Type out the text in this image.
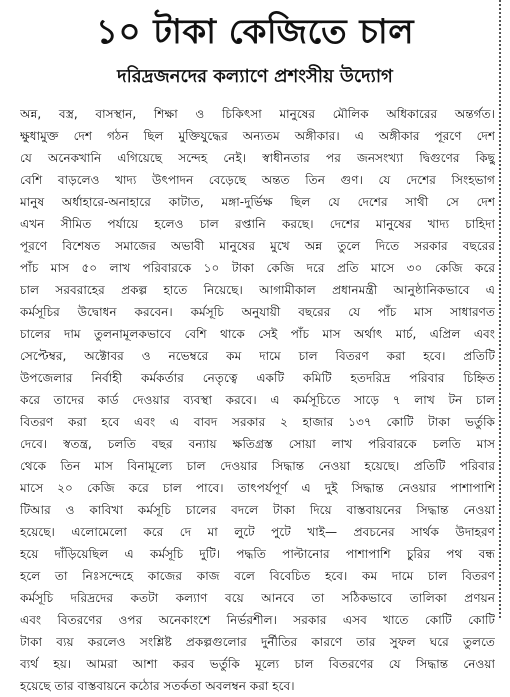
১০ টাকা কেজিতে চাল
দরিদ্রজনদের কল্যাণে প্রশংসীয় উদ্যোগ
অন্ন, বস্ত্র, বাসস্থান, শিক্ষা ও চিকিৎসা মানুষের মৌলিক অধিকারের অন্তর্গত।
ক্ষুধামুক্ত দেশ গঠন ছিল মুক্তিযুদ্ধের অন্যতম অঙ্গীকার। এ অঙ্গীকার পূরণে দেশ
যে অনেকখানি এগিয়েছে সন্দেহ নেই। স্বাধীনতার পর জনসংখ্যা দ্বিগুণের কিছু
বেশি বাড়লেও খাদ্য উৎপাদন বেড়েছে অন্তত তিন গুণ। যে দেশের সিংহভাগ
মানুষ অর্ধাহারে-অনাহারে কাটাত, মঙ্গা-দুর্ভিক্ষ ছিল যে দেশের সাথী সে দেশ
এখন সীমিত পর্যায়ে হলেও চাল রপ্তানি করছে। দেশের মানুষের খাদ্য চাহিদা
পূরণে বিশেষত সমাজের অভাবী মানুষের মুখে অন্ন তুলে দিতে সরকার বছরের
পাঁচ মাস ৫০ লাখ পরিবারকে ১০ টাকা কেজি দরে প্রতি মাসে ৩০ কেজি করে
চাল সরবরাহের প্রকল্প হাতে নিয়েছে। আগামীকাল প্রধানমন্ত্রী আনুষ্ঠানিকভাবে এ
কর্মসূচির উদ্বোধন করবেন। কর্মসূচি অনুযায়ী বছরের যে পাঁচ মাস সাধারণত
চালের দাম তুলনামূলকভাবে বেশি থাকে সেই পাঁচ মাস অর্থাৎ মার্চ, এপ্রিল এবং
সেপ্টেম্বর, অক্টোবর ও নভেম্বরে কম দামে চাল বিতরণ করা হবে। প্রতিটি
উপজেলার নির্বাহী কর্মকর্তার নেতৃত্বে একটি কমিটি হতদরিদ্র পরিবার চিহ্নিত
করে তাদের কার্ড দেওয়ার ব্যবস্থা করবে। এ কর্মসূচিতে সাড়ে ৭ লাখ টন চাল
বিতরণ করা হবে এবং এ বাবদ সরকার ২ হাজার ১৩৭ কোটি টাকা ভর্তুকি
দেবে। স্বতন্ত্র, চলতি বছর বন্যায় ক্ষতিগ্রস্ত সোয়া লাখ পরিবারকে চলতি মাস
থেকে তিন মাস বিনামূল্যে চাল দেওয়ার সিদ্ধান্ত নেওয়া হয়েছে। প্রতিটি পরিবার
মাসে ২০ কেজি করে চাল পাবে। তাৎপর্যপূর্ণ এ দুই সিদ্ধান্ত নেওয়ার পাশাপাশি
টিআর ও কাবিখা কর্মসূচি চালের বদলে টাকা দিয়ে বাস্তবায়নের সিদ্ধান্ত নেওয়া
হয়েছে। এলোমেলো করে দে মা লুটে পুটে খাই— প্রবচনের সার্থক উদাহরণ
হয়ে দাঁড়িয়েছিল এ কর্মসূচি দুটি। পদ্ধতি পাল্টানোর পাশাপাশি চুরির পথ বন্ধ
হলে তা নিঃসন্দেহে কাজের কাজ বলে বিবেচিত হবে। কম দামে চাল বিতরণ
কর্মসূচি দরিদ্রদের কতটা কল্যাণ বয়ে আনবে তা সঠিকভাবে তালিকা প্রণয়ন
এবং বিতরণের ওপর অনেকাংশে নির্ভরশীল। সরকার এসব খাতে কোটি কোটি
টাকা ব্যয় করলেও সংশ্লিষ্ট প্রকল্পগুলোর দুর্নীতির কারণে তার সুফল ঘরে তুলতে
ব্যর্থ হয়। আমরা আশা করব ভর্তুকি মূল্যে চাল বিতরণের যে সিদ্ধান্ত নেওয়া
হয়েছে তার বাস্তবায়নে কঠোর সতর্কতা অবলম্বন করা হবে।
